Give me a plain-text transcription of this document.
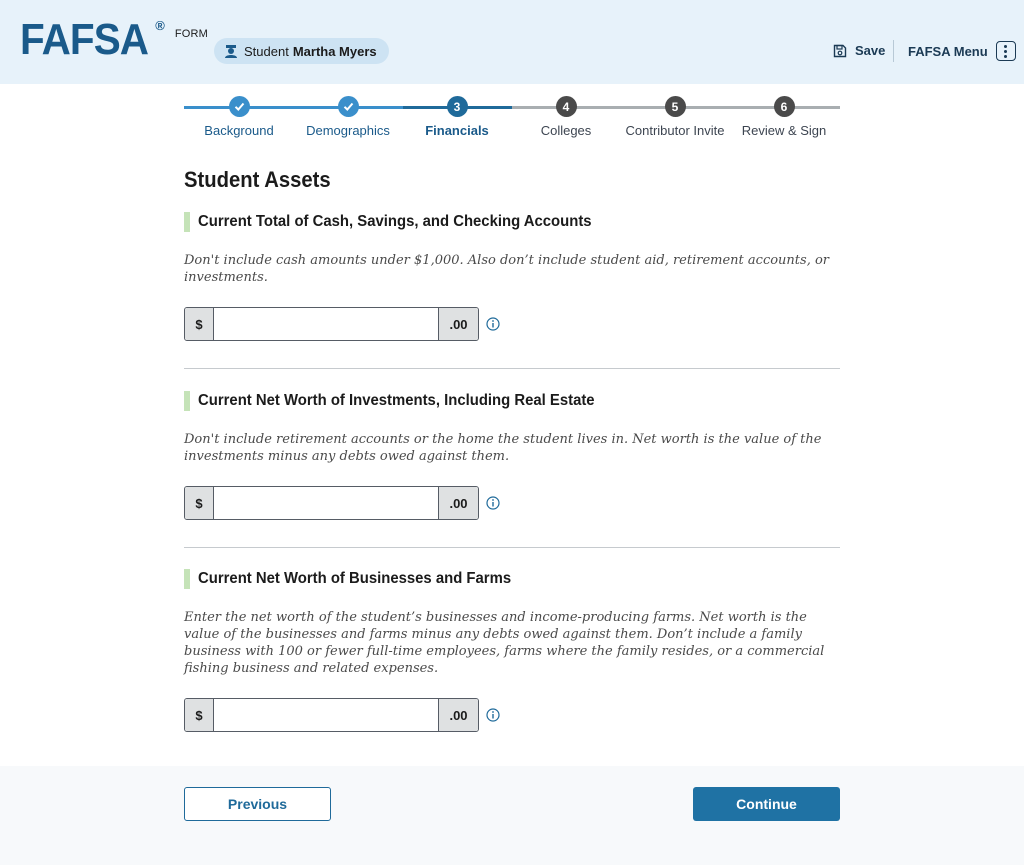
FAFSA ®
FORM
Student Martha Myers	Save FAFSA Menu
Background	Demographics
3
Financials
4
Colleges
5
Contributor Invite
6
Review & Sign
Student Assets
Current Total of Cash, Savings, and Checking Accounts

Don't include cash amounts under $1,000. Also don’t include student aid, retirement accounts, or investments.

$	.00
Current Net Worth of Investments, Including Real Estate

Don't include retirement accounts or the home the student lives in. Net worth is the value of the investments minus any debts owed against them.

$	.00
Current Net Worth of Businesses and Farms

Enter the net worth of the student’s businesses and income-producing farms. Net worth is the value of the businesses and farms minus any debts owed against them. Don’t include a family business with 100 or fewer full-time employees, farms where the family resides, or a commercial fishing business and related expenses.

$	.00
Previous	Continue
